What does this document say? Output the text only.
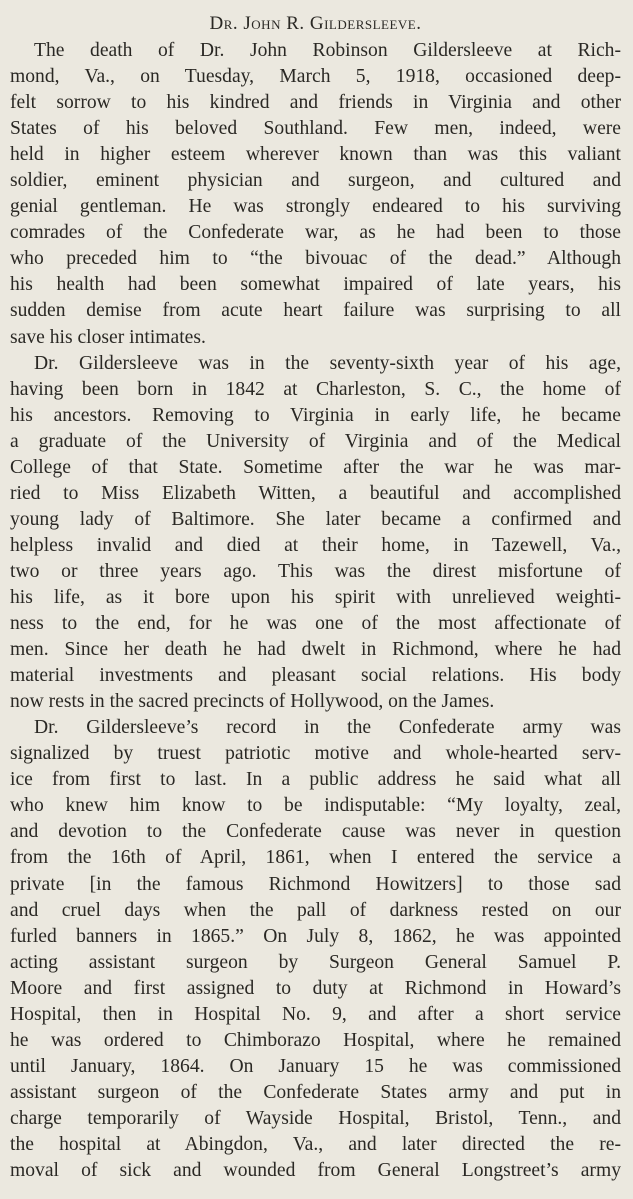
Dr. John R. Gildersleeve.
The death of Dr. John Robinson Gildersleeve at Rich-
mond, Va., on Tuesday, March 5, 1918, occasioned deep-
felt sorrow to his kindred and friends in Virginia and other
States of his beloved Southland. Few men, indeed, were
held in higher esteem wherever known than was this valiant
soldier, eminent physician and surgeon, and cultured and
genial gentleman. He was strongly endeared to his surviving
comrades of the Confederate war, as he had been to those
who preceded him to “the bivouac of the dead.” Although
his health had been somewhat impaired of late years, his
sudden demise from acute heart failure was surprising to all
save his closer intimates.
Dr. Gildersleeve was in the seventy-sixth year of his age,
having been born in 1842 at Charleston, S. C., the home of
his ancestors. Removing to Virginia in early life, he became
a graduate of the University of Virginia and of the Medical
College of that State. Sometime after the war he was mar-
ried to Miss Elizabeth Witten, a beautiful and accomplished
young lady of Baltimore. She later became a confirmed and
helpless invalid and died at their home, in Tazewell, Va.,
two or three years ago. This was the direst misfortune of
his life, as it bore upon his spirit with unrelieved weighti-
ness to the end, for he was one of the most affectionate of
men. Since her death he had dwelt in Richmond, where he had
material investments and pleasant social relations. His body
now rests in the sacred precincts of Hollywood, on the James.
Dr. Gildersleeve’s record in the Confederate army was
signalized by truest patriotic motive and whole-hearted serv-
ice from first to last. In a public address he said what all
who knew him know to be indisputable: “My loyalty, zeal,
and devotion to the Confederate cause was never in question
from the 16th of April, 1861, when I entered the service a
private [in the famous Richmond Howitzers] to those sad
and cruel days when the pall of darkness rested on our
furled banners in 1865.” On July 8, 1862, he was appointed
acting assistant surgeon by Surgeon General Samuel P.
Moore and first assigned to duty at Richmond in Howard’s
Hospital, then in Hospital No. 9, and after a short service
he was ordered to Chimborazo Hospital, where he remained
until January, 1864. On January 15 he was commissioned
assistant surgeon of the Confederate States army and put in
charge temporarily of Wayside Hospital, Bristol, Tenn., and
the hospital at Abingdon, Va., and later directed the re-
moval of sick and wounded from General Longstreet’s army
